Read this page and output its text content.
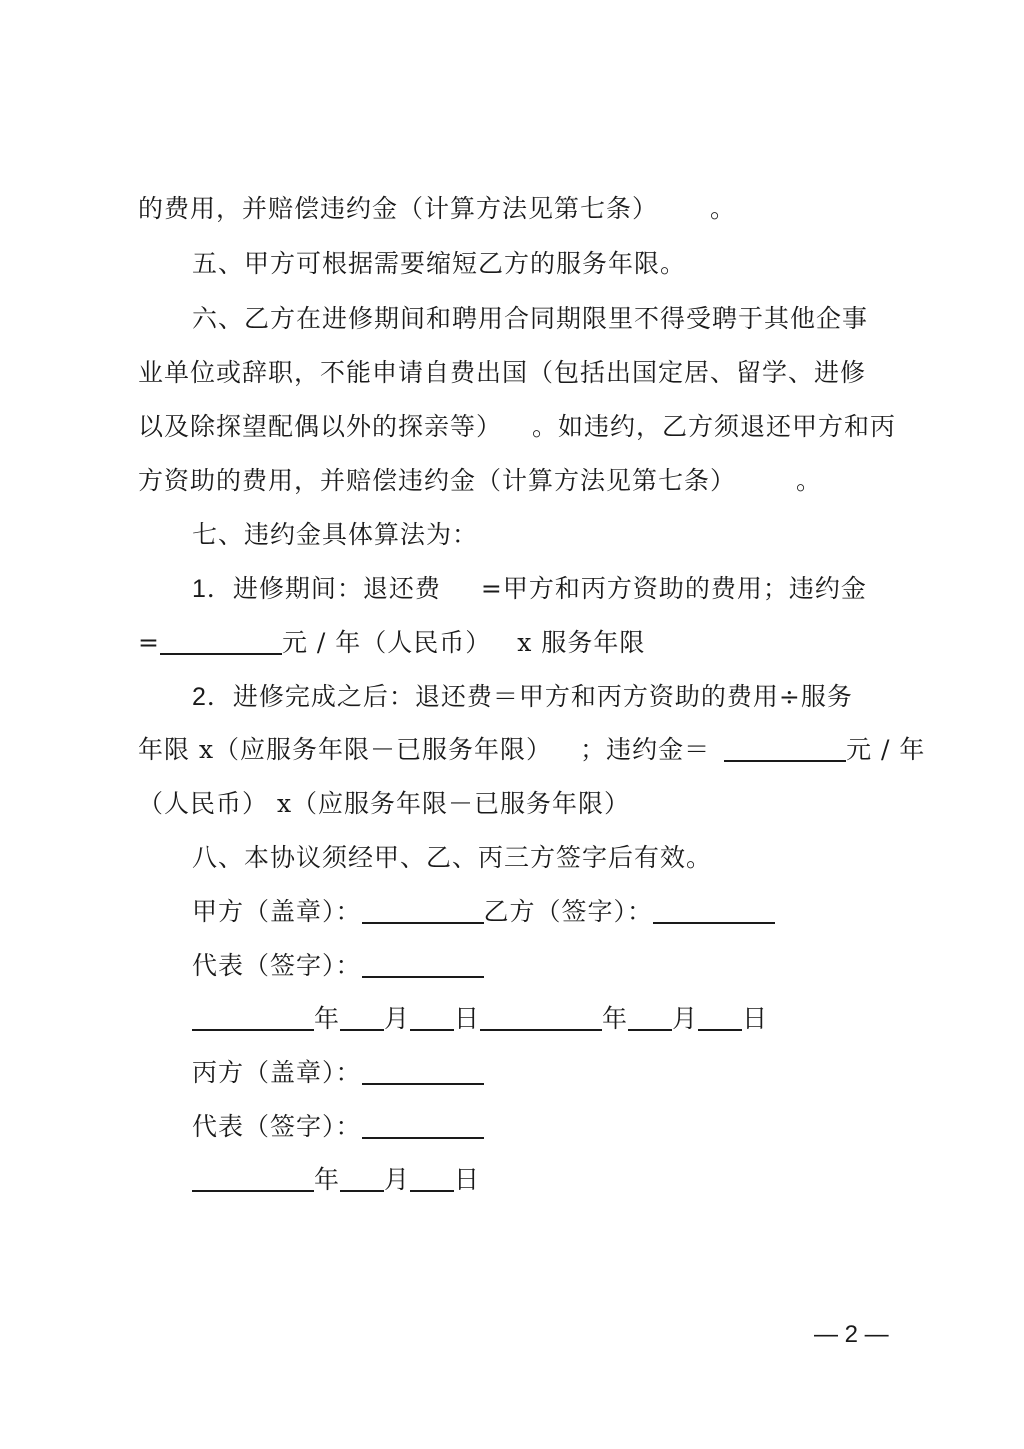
的费用，并赔偿违约金（计算方法见第七条） 。
五、甲方可根据需要缩短乙方的服务年限。
六、乙方在进修期间和聘用合同期限里不得受聘于其他企事
业单位或辞职，不能申请自费出国（包括出国定居、留学、进修
以及除探望配偶以外的探亲等） 。如违约，乙方须退还甲方和丙
方资助的费用，并赔偿违约金（计算方法见第七条） 。
七、违约金具体算法为：
1．进修期间：退还费 =甲方和丙方资助的费用；违约金
=	元 / 年（人民币） x 服务年限
2．进修完成之后：退还费＝甲方和丙方资助的费用÷服务
年限 x（应服务年限－已服务年限） ；违约金＝	元 / 年
（人民币） x（应服务年限－已服务年限）
八、本协议须经甲、乙、丙三方签字后有效。
甲方（盖章）：	乙方（签字）：
代表（签字）：
年 月 日	年 月 日
丙方（盖章）：
代表（签字）：
年 月 日
— 2 —
